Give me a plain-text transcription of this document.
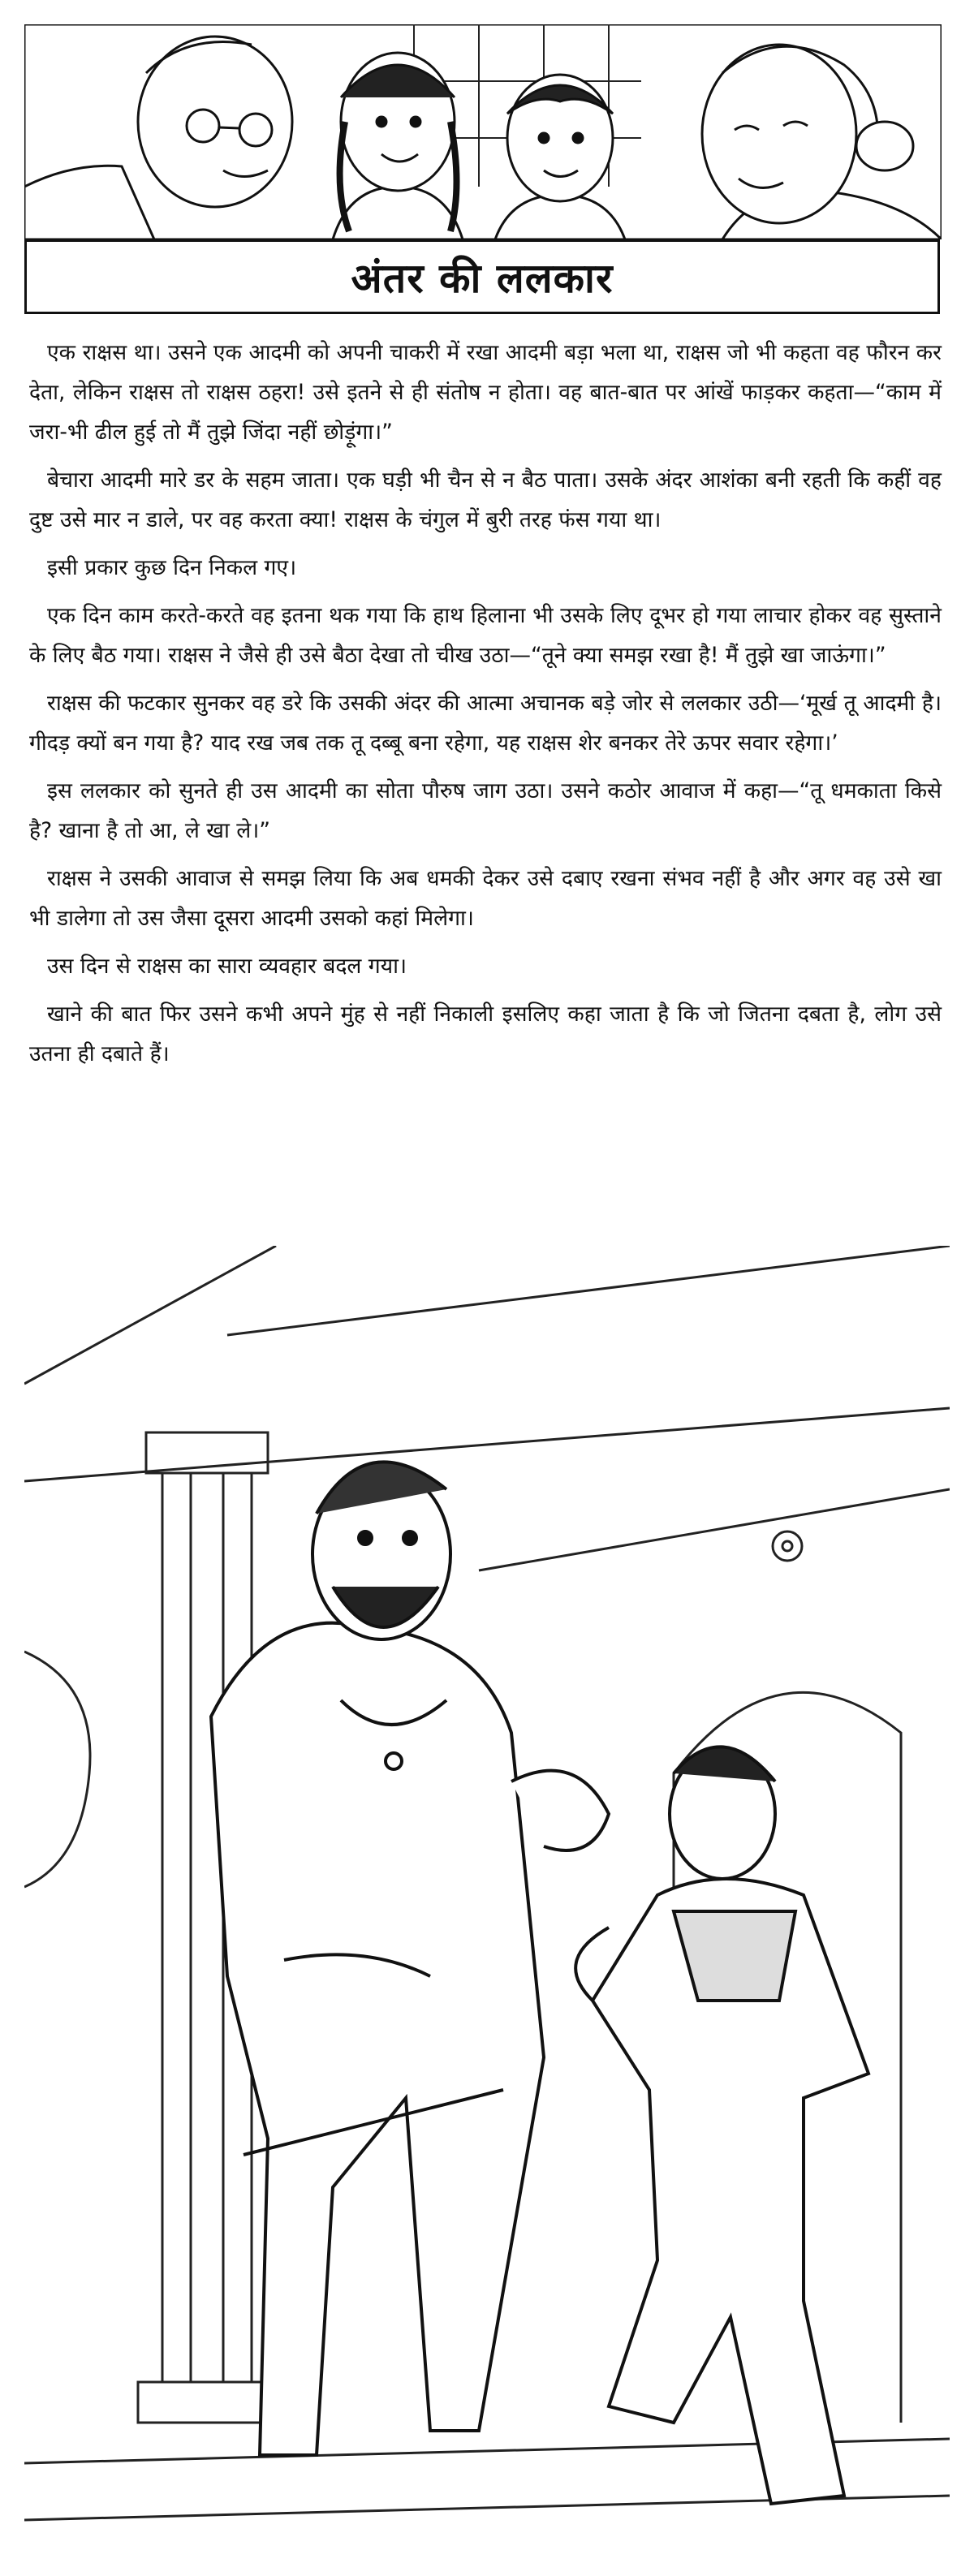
अंतर की ललकार

एक राक्षस था। उसने एक आदमी को अपनी चाकरी में रखा आदमी बड़ा भला था, राक्षस जो भी कहता वह फौरन कर देता, लेकिन राक्षस तो राक्षस ठहरा! उसे इतने से ही संतोष न होता। वह बात-बात पर आंखें फाड़कर कहता—“काम में जरा-भी ढील हुई तो मैं तुझे जिंदा नहीं छोड़ूंगा।”

बेचारा आदमी मारे डर के सहम जाता। एक घड़ी भी चैन से न बैठ पाता। उसके अंदर आशंका बनी रहती कि कहीं वह दुष्ट उसे मार न डाले, पर वह करता क्या! राक्षस के चंगुल में बुरी तरह फंस गया था।

इसी प्रकार कुछ दिन निकल गए।

एक दिन काम करते-करते वह इतना थक गया कि हाथ हिलाना भी उसके लिए दूभर हो गया लाचार होकर वह सुस्ताने के लिए बैठ गया। राक्षस ने जैसे ही उसे बैठा देखा तो चीख उठा—“तूने क्या समझ रखा है! मैं तुझे खा जाऊंगा।”

राक्षस की फटकार सुनकर वह डरे कि उसकी अंदर की आत्मा अचानक बड़े जोर से ललकार उठी—‘मूर्ख तू आदमी है। गीदड़ क्यों बन गया है? याद रख जब तक तू दब्बू बना रहेगा, यह राक्षस शेर बनकर तेरे ऊपर सवार रहेगा।’

इस ललकार को सुनते ही उस आदमी का सोता पौरुष जाग उठा। उसने कठोर आवाज में कहा—“तू धमकाता किसे है? खाना है तो आ, ले खा ले।”

राक्षस ने उसकी आवाज से समझ लिया कि अब धमकी देकर उसे दबाए रखना संभव नहीं है और अगर वह उसे खा भी डालेगा तो उस जैसा दूसरा आदमी उसको कहां मिलेगा।

उस दिन से राक्षस का सारा व्यवहार बदल गया।

खाने की बात फिर उसने कभी अपने मुंह से नहीं निकाली इसलिए कहा जाता है कि जो जितना दबता है, लोग उसे उतना ही दबाते हैं।
